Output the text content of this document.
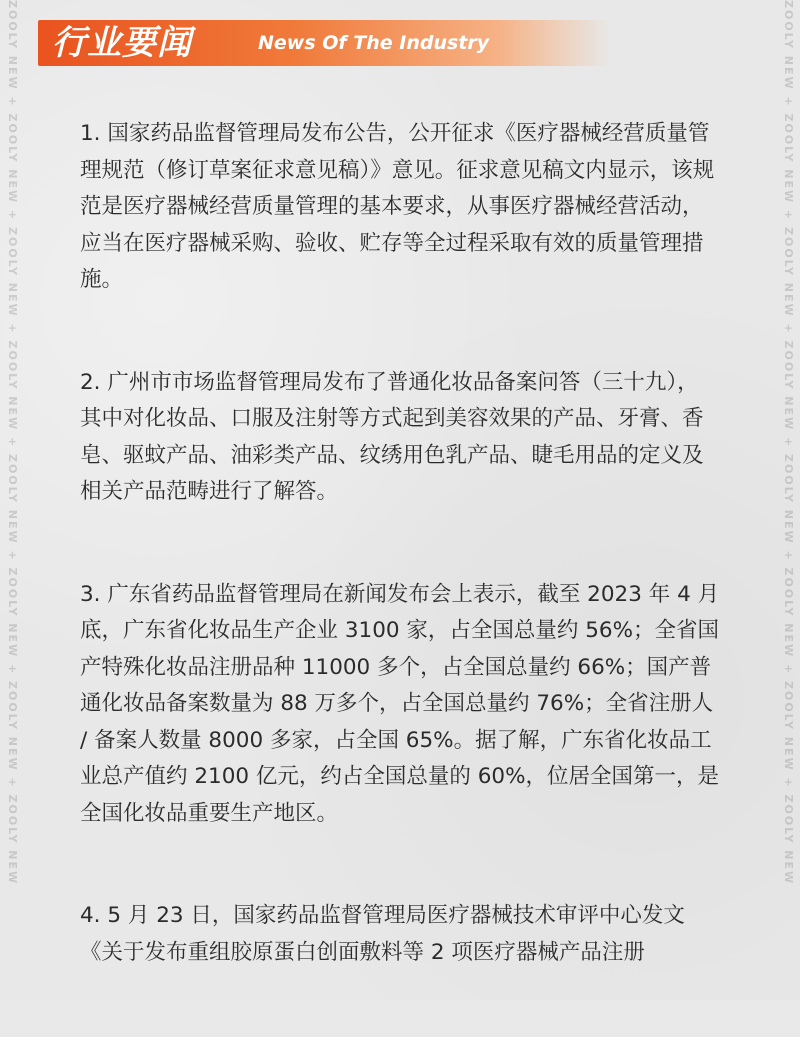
ZOOLY NEW + ZOOLY NEW + ZOOLY NEW + ZOOLY NEW + ZOOLY NEW + ZOOLY NEW + ZOOLY NEW + ZOOLY NEW	ZOOLY NEW + ZOOLY NEW + ZOOLY NEW + ZOOLY NEW + ZOOLY NEW + ZOOLY NEW + ZOOLY NEW + ZOOLY NEW
行业要闻	News Of The Industry

1. 国家药品监督管理局发布公告，公开征求《医疗器械经营质量管理规范（修订草案征求意见稿）》意见。征求意见稿文内显示，该规范是医疗器械经营质量管理的基本要求，从事医疗器械经营活动，应当在医疗器械采购、验收、贮存等全过程采取有效的质量管理措施。

2. 广州市市场监督管理局发布了普通化妆品备案问答（三十九），其中对化妆品、口服及注射等方式起到美容效果的产品、牙膏、香皂、驱蚊产品、油彩类产品、纹绣用色乳产品、睫毛用品的定义及相关产品范畴进行了解答。

3. 广东省药品监督管理局在新闻发布会上表示，截至 2023 年 4 月底，广东省化妆品生产企业 3100 家，占全国总量约 56%；全省国产特殊化妆品注册品种 11000 多个，占全国总量约 66%；国产普通化妆品备案数量为 88 万多个，占全国总量约 76%；全省注册人 / 备案人数量 8000 多家，占全国 65%。据了解，广东省化妆品工业总产值约 2100 亿元，约占全国总量的 60%，位居全国第一，是全国化妆品重要生产地区。

4. 5 月 23 日，国家药品监督管理局医疗器械技术审评中心发文《关于发布重组胶原蛋白创面敷料等 2 项医疗器械产品注册
